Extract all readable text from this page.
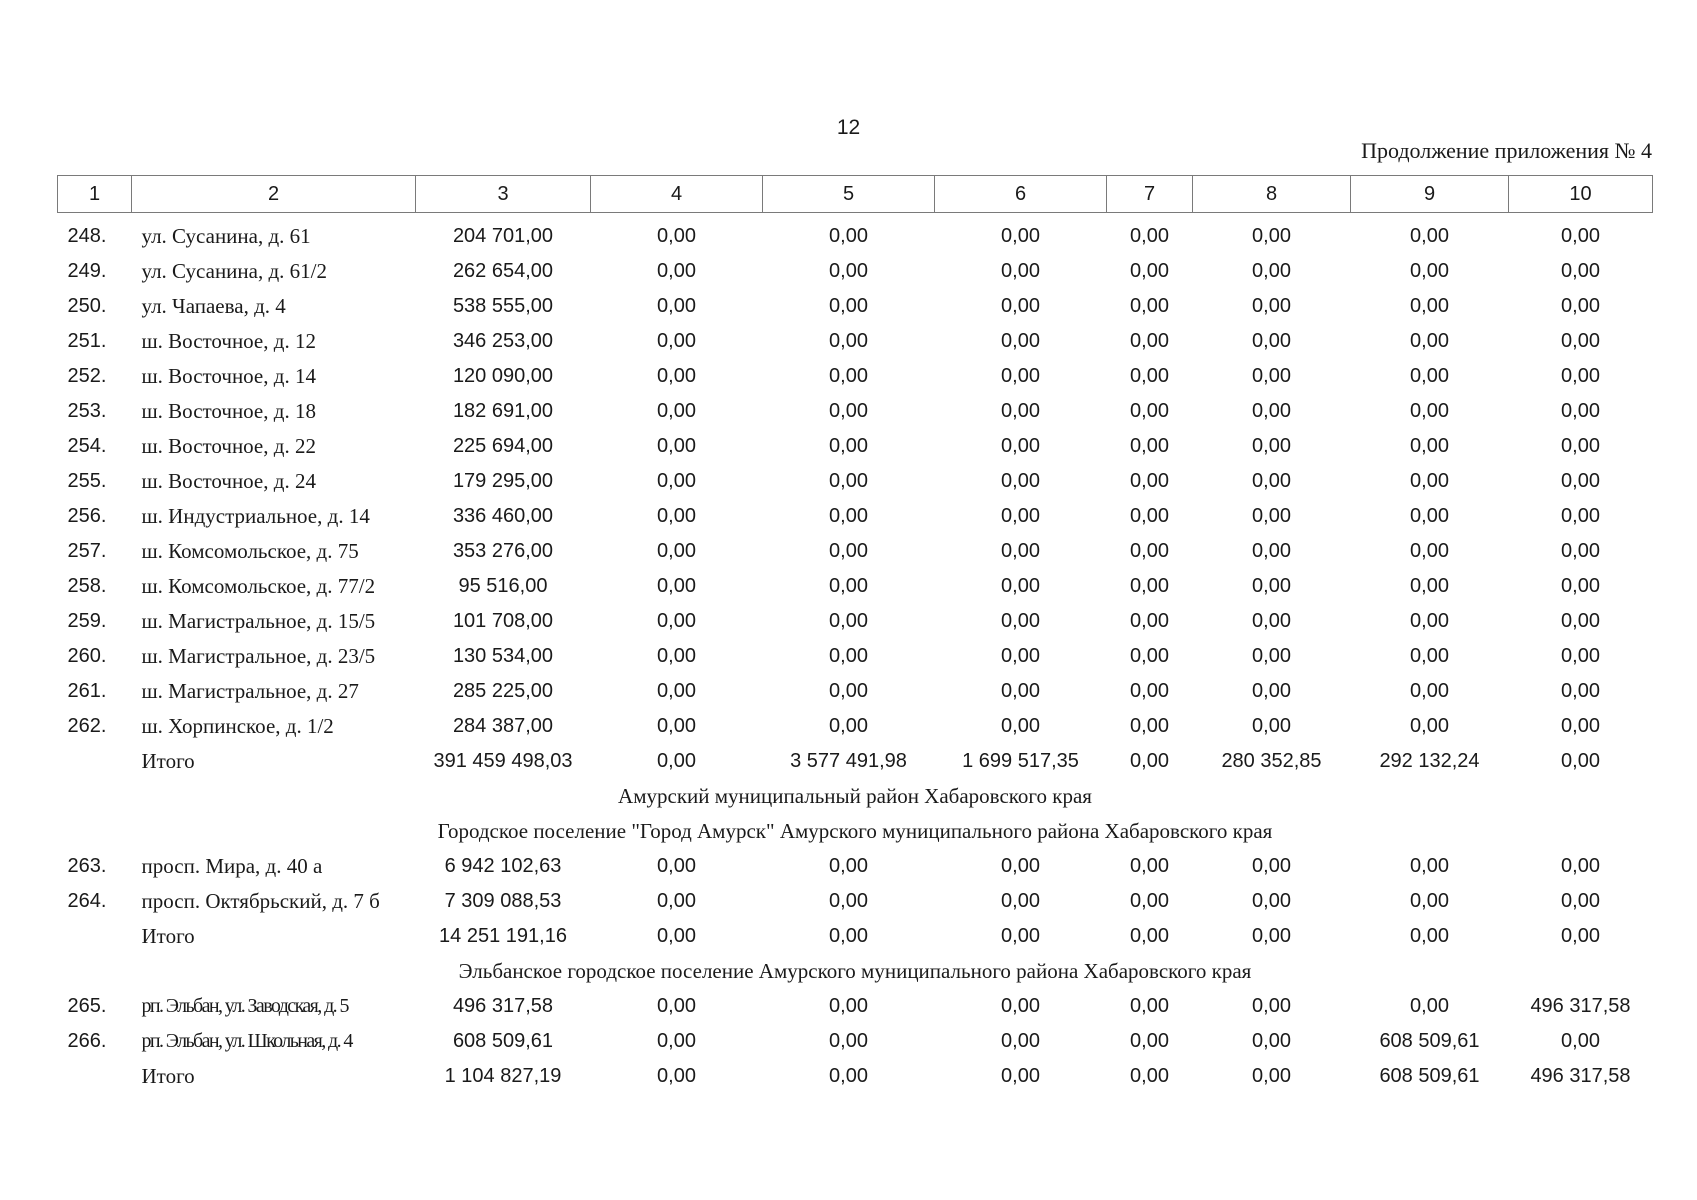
12
Продолжение приложения № 4
1	2	3	4	5	6	7	8	9	10

248.	ул. Сусанина, д. 61	204 701,00	0,00	0,00	0,00	0,00	0,00	0,00	0,00
249.	ул. Сусанина, д. 61/2	262 654,00	0,00	0,00	0,00	0,00	0,00	0,00	0,00
250.	ул. Чапаева, д. 4	538 555,00	0,00	0,00	0,00	0,00	0,00	0,00	0,00
251.	ш. Восточное, д. 12	346 253,00	0,00	0,00	0,00	0,00	0,00	0,00	0,00
252.	ш. Восточное, д. 14	120 090,00	0,00	0,00	0,00	0,00	0,00	0,00	0,00
253.	ш. Восточное, д. 18	182 691,00	0,00	0,00	0,00	0,00	0,00	0,00	0,00
254.	ш. Восточное, д. 22	225 694,00	0,00	0,00	0,00	0,00	0,00	0,00	0,00
255.	ш. Восточное, д. 24	179 295,00	0,00	0,00	0,00	0,00	0,00	0,00	0,00
256.	ш. Индустриальное, д. 14	336 460,00	0,00	0,00	0,00	0,00	0,00	0,00	0,00
257.	ш. Комсомольское, д. 75	353 276,00	0,00	0,00	0,00	0,00	0,00	0,00	0,00
258.	ш. Комсомольское, д. 77/2	95 516,00	0,00	0,00	0,00	0,00	0,00	0,00	0,00
259.	ш. Магистральное, д. 15/5	101 708,00	0,00	0,00	0,00	0,00	0,00	0,00	0,00
260.	ш. Магистральное, д. 23/5	130 534,00	0,00	0,00	0,00	0,00	0,00	0,00	0,00
261.	ш. Магистральное, д. 27	285 225,00	0,00	0,00	0,00	0,00	0,00	0,00	0,00
262.	ш. Хорпинское, д. 1/2	284 387,00	0,00	0,00	0,00	0,00	0,00	0,00	0,00
	Итого	391 459 498,03	0,00	3 577 491,98	1 699 517,35	0,00	280 352,85	292 132,24	0,00
Амурский муниципальный район Хабаровского края									
Городское поселение "Город Амурск" Амурского муниципального района Хабаровского края									
263.	просп. Мира, д. 40 а	6 942 102,63	0,00	0,00	0,00	0,00	0,00	0,00	0,00
264.	просп. Октябрьский, д. 7 б	7 309 088,53	0,00	0,00	0,00	0,00	0,00	0,00	0,00
	Итого	14 251 191,16	0,00	0,00	0,00	0,00	0,00	0,00	0,00
Эльбанское городское поселение Амурского муниципального района Хабаровского края									
265.	рп. Эльбан, ул. Заводская, д. 5	496 317,58	0,00	0,00	0,00	0,00	0,00	0,00	496 317,58
266.	рп. Эльбан, ул. Школьная, д. 4	608 509,61	0,00	0,00	0,00	0,00	0,00	608 509,61	0,00
	Итого	1 104 827,19	0,00	0,00	0,00	0,00	0,00	608 509,61	496 317,58
